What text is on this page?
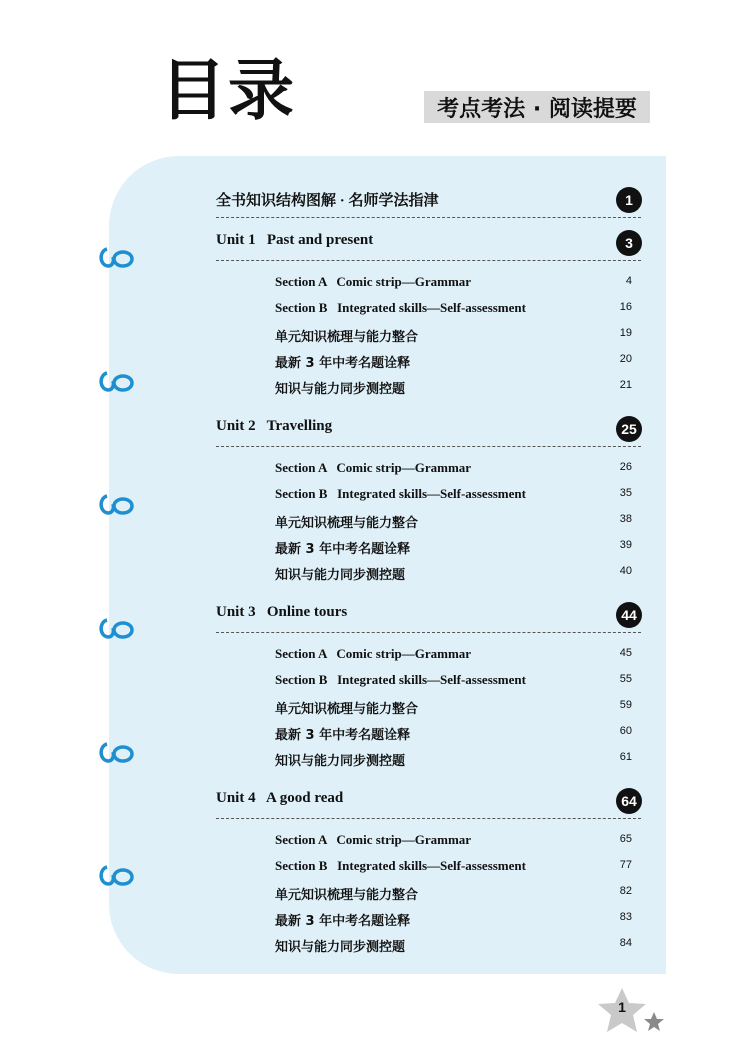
目录	考点考法 · 阅读提要
全书知识结构图解 · 名师学法指津	1
Unit 1   Past and present	3
Section A   Comic strip—Grammar	4
Section B   Integrated skills—Self-assessment	16
单元知识梳理与能力整合	19
最新 3 年中考名题诠释	20
知识与能力同步测控题	21
Unit 2   Travelling	25
Section A   Comic strip—Grammar	26
Section B   Integrated skills—Self-assessment	35
单元知识梳理与能力整合	38
最新 3 年中考名题诠释	39
知识与能力同步测控题	40
Unit 3   Online tours	44
Section A   Comic strip—Grammar	45
Section B   Integrated skills—Self-assessment	55
单元知识梳理与能力整合	59
最新 3 年中考名题诠释	60
知识与能力同步测控题	61
Unit 4   A good read	64
Section A   Comic strip—Grammar	65
Section B   Integrated skills—Self-assessment	77
单元知识梳理与能力整合	82
最新 3 年中考名题诠释	83
知识与能力同步测控题	84
1
